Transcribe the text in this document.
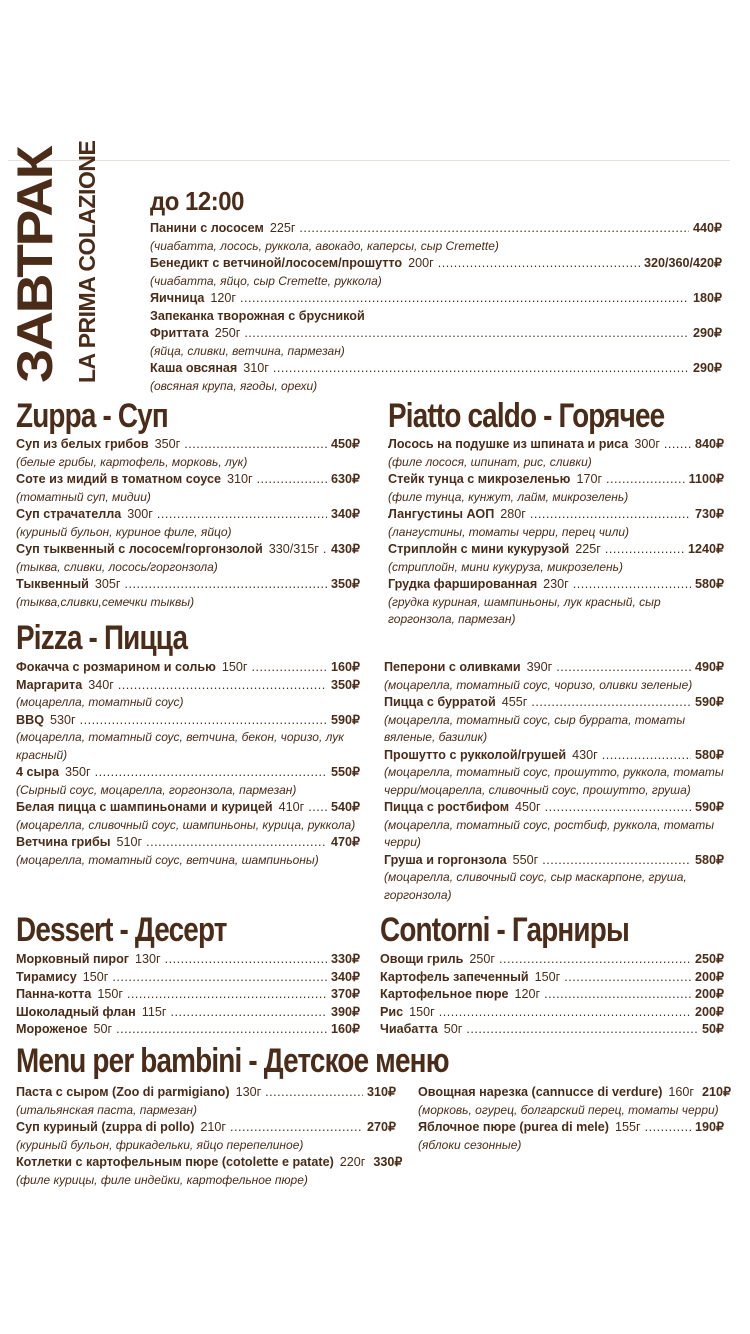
ЗАВТРАК LA PRIMA COLAZIONE до 12:00
Панини с лососем 225г .....	440₽
(чиабатта, лосось, руккола, авокадо, каперсы, сыр Cremette)
Бенедикт с ветчиной/лососем/прошутто 200г .....	320/360/420₽
(чиабатта, яйцо, сыр Cremette, руккола)
Яичница 120г .....	180₽
Запеканка творожная с брусникой
Фриттата 250г .....	290₽
(яйца, сливки, ветчина, пармезан)
Каша овсяная 310г .....	290₽
(овсяная крупа, ягоды, орехи)
Zuppa - Суп
Суп из белых грибов 350г .....	450₽
(белые грибы, картофель, морковь, лук)
Соте из мидий в томатном соусе 310г .....	630₽
(томатный суп, мидии)
Суп страчателла 300г .....	340₽
(куриный бульон, куриное филе, яйцо)
Суп тыквенный с лососем/горгонзолой 330/315г ..... 430₽
(тыква, сливки, лосось/горгонзола)
Тыквенный 305г .....	350₽
(тыква,сливки,семечки тыквы)
Piatto caldo - Горячее
Лосось на подушке из шпината и риса 300г .....	840₽
(филе лосося, шпинат, рис, сливки)
Стейк тунца с микрозеленью 170г .....	1100₽
(филе тунца, кунжут, лайм, микрозелень)
Лангустины АОП 280г .....	730₽
(лангустины, томаты черри, перец чили)
Стриплойн с мини кукурузой 225г .....	1240₽
(стриплойн, мини кукуруза, микрозелень)
Грудка фаршированная 230г .....	580₽
(грудка куриная, шампиньоны, лук красный, сыр горгонзола, пармезан)
Pizza - Пицца
Фокачча с розмарином и солью 150г .....	160₽
Маргарита 340г .....	350₽
(моцарелла, томатный соус)
BBQ 530г .....	590₽
(моцарелла, томатный соус, ветчина, бекон, чоризо, лук красный)
4 сыра 350г .....	550₽
(Сырный соус, моцарелла, горгонзола, пармезан)
Белая пицца с шампиньонами и курицей 410г ..... 540₽
(моцарелла, сливочный соус, шампиньоны, курица, руккола)
Ветчина грибы 510г .....	470₽
(моцарелла, томатный соус, ветчина, шампиньоны)
Пеперони с оливками 390г .....	490₽
(моцарелла, томатный соус, чоризо, оливки зеленые)
Пицца с бурратой 455г .....	590₽
(моцарелла, томатный соус, сыр буррата, томаты вяленые, базилик)
Прошутто с рукколой/грушей 430г .....	580₽
(моцарелла, томатный соус, прошутто, руккола, томаты черри/моцарелла, сливочный соус, прошутто, груша)
Пицца с ростбифом 450г .....	590₽
(моцарелла, томатный соус, ростбиф, руккола, томаты черри)
Груша и горгонзола 550г .....	580₽
(моцарелла, сливочный соус, сыр маскарпоне, груша, горгонзола)
Dessert - Десерт
Морковный пирог 130г .....	330₽
Тирамису 150г .....	340₽
Панна-котта 150г .....	370₽
Шоколадный флан 115г .....	390₽
Мороженое 50г .....	160₽
Contorni - Гарниры
Овощи гриль 250г .....	250₽
Картофель запеченный 150г .....	200₽
Картофельное пюре 120г .....	200₽
Рис 150г .....	200₽
Чиабатта 50г .....	50₽
Menu per bambini - Детское меню
Паста с сыром (Zoo di parmigiano) 130г .....	310₽
(итальянская паста, пармезан)
Суп куриный (zuppa di pollo) 210г .....	270₽
(куриный бульон, фрикадельки, яйцо перепелиное)
Котлетки с картофельным пюре (cotolette e patate) 220г 330₽
(филе курицы, филе индейки, картофельное пюре)
Овощная нарезка (cannucce di verdure) 160г 210₽
(морковь, огурец, болгарский перец, томаты черри)
Яблочное пюре (purea di mele) 155г .....	190₽
(яблоки сезонные)
